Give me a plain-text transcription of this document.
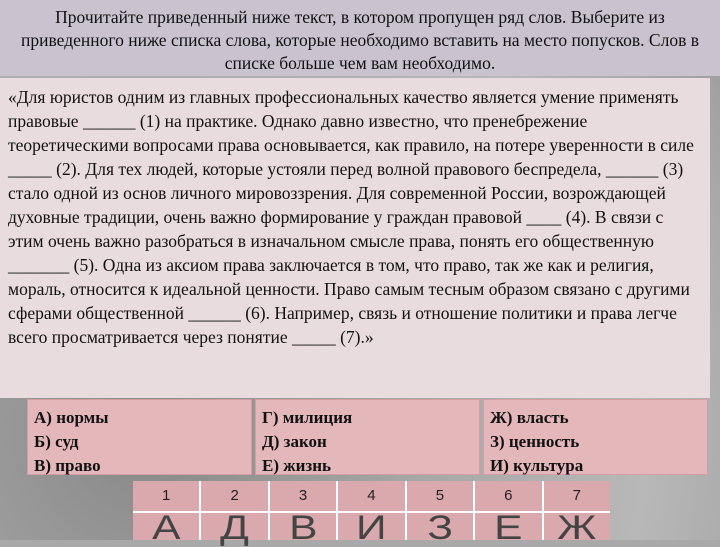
Прочитайте приведенный ниже текст, в котором пропущен ряд слов. Выберите из приведенного ниже списка слова, которые необходимо вставить на место попусков. Слов в списке больше чем вам необходимо.
«Для юристов одним из главных профессиональных качество является умение применять правовые ______ (1) на практике. Однако давно известно, что пренебрежение теоретическими вопросами права основывается, как правило, на потере уверенности в силе _____ (2). Для тех людей, которые устояли перед волной правового беспредела, ______ (3) стало одной из основ личного мировоззрения. Для современной России, возрождающей духовные традиции, очень важно формирование у граждан правовой ____ (4). В связи с этим очень важно разобраться в изначальном смысле права, понять его общественную _______ (5). Одна из аксиом права заключается в том, что право, так же как и религия, мораль, относится к идеальной ценности. Право самым тесным образом связано с другими сферами общественной ______ (6). Например, связь и отношение политики и права легче всего просматривается через понятие _____ (7).»
А) нормы
Б) суд
В) право
Г) милиция
Д) закон
Е) жизнь
Ж) власть
З) ценность
И) культура
1
А
2
Д
3
В
4
И
5
З
6
Е
7
Ж
